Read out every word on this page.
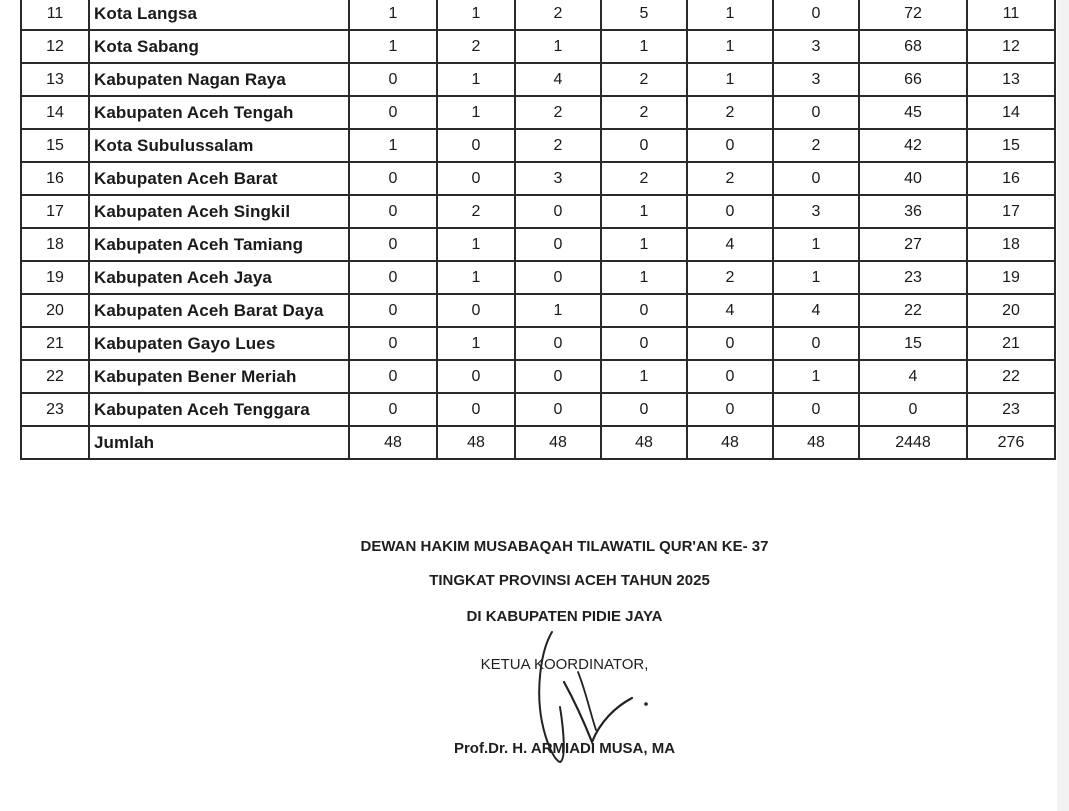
11	Kota Langsa	1	1	2	5	1	0	72	11
12	Kota Sabang	1	2	1	1	1	3	68	12
13	Kabupaten Nagan Raya	0	1	4	2	1	3	66	13
14	Kabupaten Aceh Tengah	0	1	2	2	2	0	45	14
15	Kota Subulussalam	1	0	2	0	0	2	42	15
16	Kabupaten Aceh Barat	0	0	3	2	2	0	40	16
17	Kabupaten Aceh Singkil	0	2	0	1	0	3	36	17
18	Kabupaten Aceh Tamiang	0	1	0	1	4	1	27	18
19	Kabupaten Aceh Jaya	0	1	0	1	2	1	23	19
20	Kabupaten Aceh Barat Daya	0	0	1	0	4	4	22	20
21	Kabupaten Gayo Lues	0	1	0	0	0	0	15	21
22	Kabupaten Bener Meriah	0	0	0	1	0	1	4	22
23	Kabupaten Aceh Tenggara	0	0	0	0	0	0	0	23
	Jumlah	48	48	48	48	48	48	2448	276
DEWAN HAKIM MUSABAQAH TILAWATIL QUR'AN KE- 37
TINGKAT PROVINSI ACEH TAHUN 2025
DI KABUPATEN PIDIE JAYA
KETUA KOORDINATOR,
Prof.Dr. H. ARMIADI MUSA, MA
